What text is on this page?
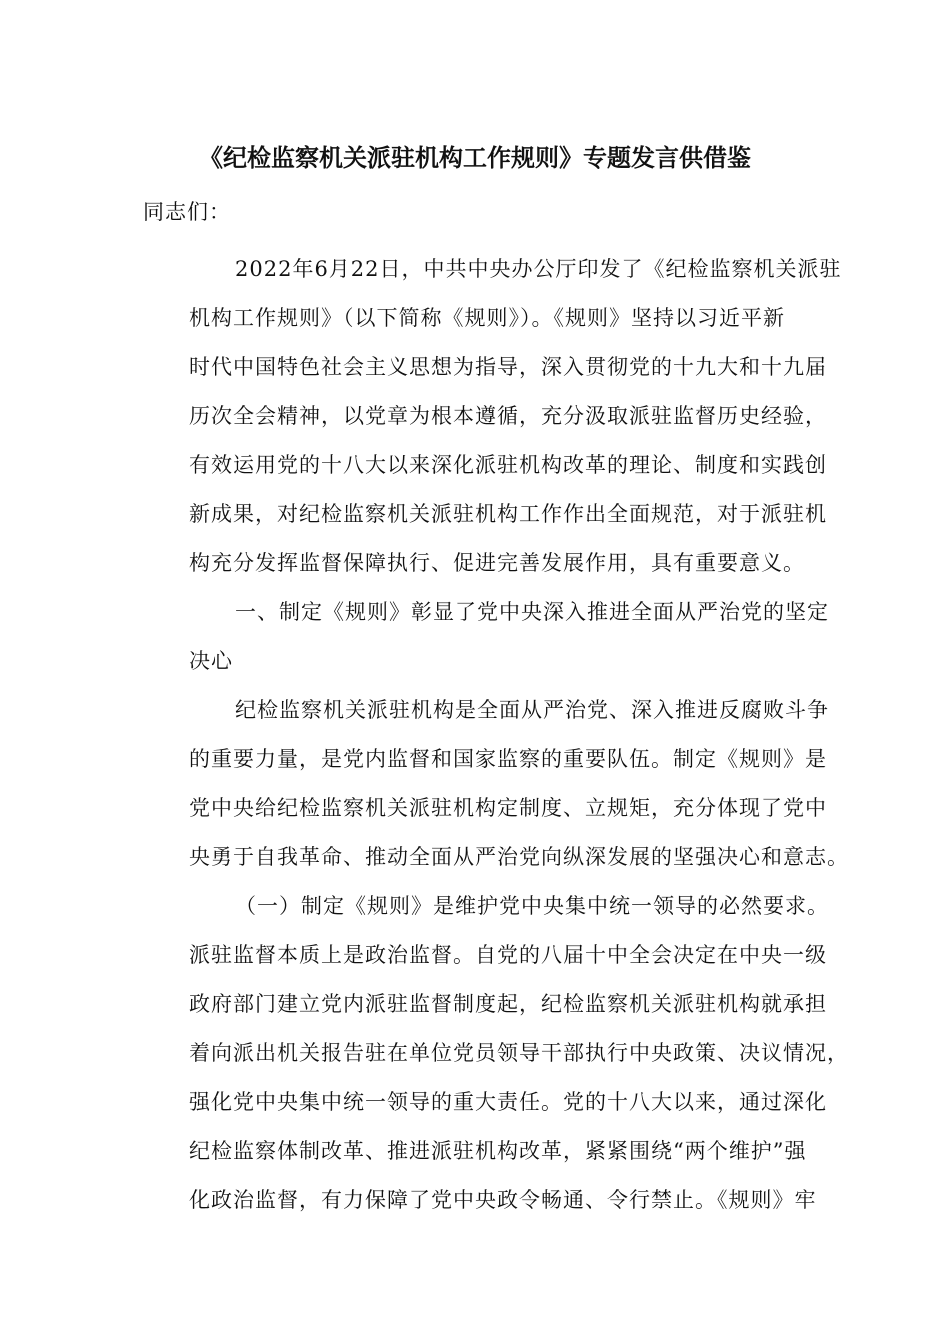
《纪检监察机关派驻机构工作规则》专题发言供借鉴
同志们：
2022年6月22日，中共中央办公厅印发了《纪检监察机关派驻
机构工作规则》（以下简称《规则》）。《规则》坚持以习近平新
时代中国特色社会主义思想为指导，深入贯彻党的十九大和十九届
历次全会精神，以党章为根本遵循，充分汲取派驻监督历史经验，
有效运用党的十八大以来深化派驻机构改革的理论、制度和实践创
新成果，对纪检监察机关派驻机构工作作出全面规范，对于派驻机
构充分发挥监督保障执行、促进完善发展作用，具有重要意义。
一、制定《规则》彰显了党中央深入推进全面从严治党的坚定
决心
纪检监察机关派驻机构是全面从严治党、深入推进反腐败斗争
的重要力量，是党内监督和国家监察的重要队伍。制定《规则》是
党中央给纪检监察机关派驻机构定制度、立规矩，充分体现了党中
央勇于自我革命、推动全面从严治党向纵深发展的坚强决心和意志。
（一）制定《规则》是维护党中央集中统一领导的必然要求。
派驻监督本质上是政治监督。自党的八届十中全会决定在中央一级
政府部门建立党内派驻监督制度起，纪检监察机关派驻机构就承担
着向派出机关报告驻在单位党员领导干部执行中央政策、决议情况，
强化党中央集中统一领导的重大责任。党的十八大以来，通过深化
纪检监察体制改革、推进派驻机构改革，紧紧围绕“两个维护”强
化政治监督，有力保障了党中央政令畅通、令行禁止。《规则》牢
